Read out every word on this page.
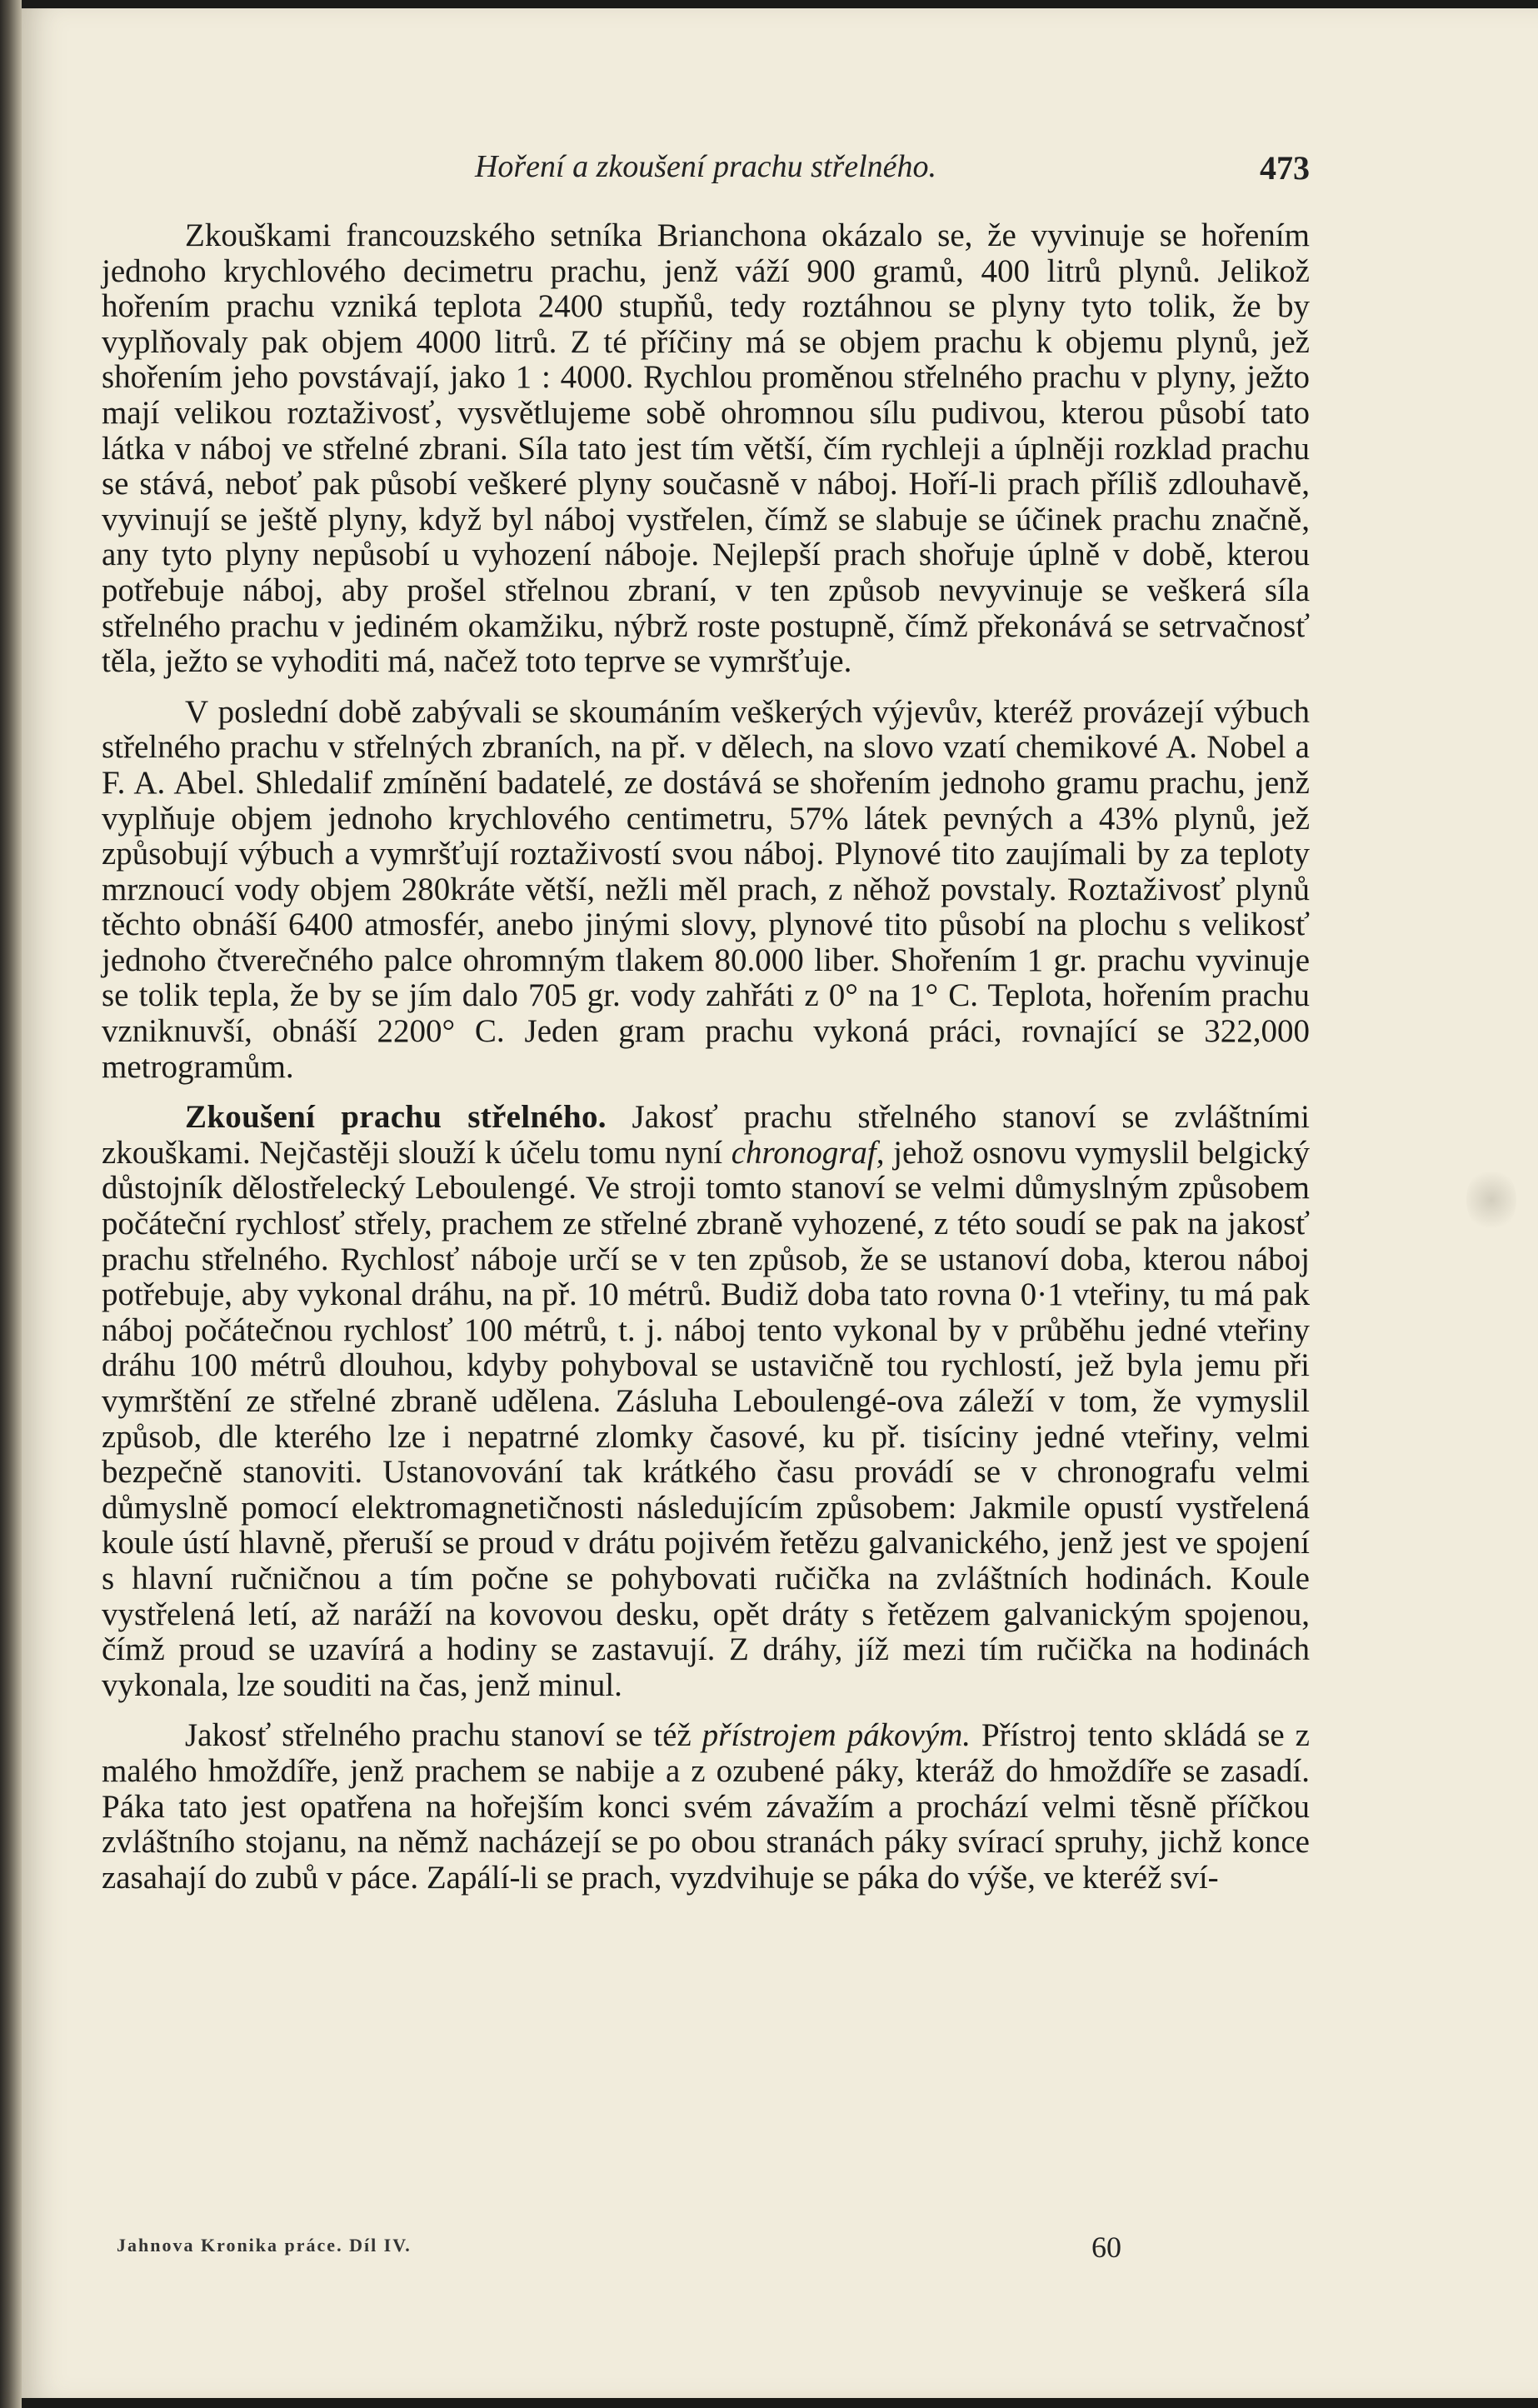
Hoření a zkoušení prachu střelného.	473

Zkouškami francouzského setníka Brianchona okázalo se, že vyvinuje se hořením jednoho krychlového decimetru prachu, jenž váží 900 gramů, 400 litrů plynů. Jelikož hořením prachu vzniká teplota 2400 stupňů, tedy roztáhnou se plyny tyto tolik, že by vyplňovaly pak objem 4000 litrů. Z té příčiny má se objem prachu k objemu plynů, jež shořením jeho povstávají, jako 1 : 4000. Rychlou proměnou střelného prachu v plyny, ježto mají velikou roztaživosť, vysvětlujeme sobě ohromnou sílu pudivou, kterou působí tato látka v náboj ve střelné zbrani. Síla tato jest tím větší, čím rychleji a úplněji rozklad prachu se stává, neboť pak působí veškeré plyny současně v náboj. Hoří-li prach příliš zdlouhavě, vyvinují se ještě plyny, když byl náboj vystřelen, čímž se slabuje se účinek prachu značně, any tyto plyny nepůsobí u vyhození náboje. Nejlepší prach shořuje úplně v době, kterou potřebuje náboj, aby prošel střelnou zbraní, v ten způsob nevyvinuje se veškerá síla střelného prachu v jediném okamžiku, nýbrž roste postupně, čímž překonává se setrvačnosť těla, ježto se vyhoditi má, načež toto teprve se vymršťuje.

V poslední době zabývali se skoumáním veškerých výjevův, kteréž provázejí výbuch střelného prachu v střelných zbraních, na př. v dělech, na slovo vzatí chemikové A. Nobel a F. A. Abel. Shledalif zmínění badatelé, ze dostává se shořením jednoho gramu prachu, jenž vyplňuje objem jednoho krychlového centimetru, 57% látek pevných a 43% plynů, jež způsobují výbuch a vymršťují roztaživostí svou náboj. Plynové tito zaujímali by za teploty mrznoucí vody objem 280kráte větší, nežli měl prach, z něhož povstaly. Roztaživosť plynů těchto obnáší 6400 atmosfér, anebo jinými slovy, plynové tito působí na plochu s velikosť jednoho čtverečného palce ohromným tlakem 80.000 liber. Shořením 1 gr. prachu vyvinuje se tolik tepla, že by se jím dalo 705 gr. vody zahřáti z 0° na 1° C. Teplota, hořením prachu vzniknuvší, obnáší 2200° C. Jeden gram prachu vykoná práci, rovnající se 322,000 metrogramům.

Zkoušení prachu střelného. Jakosť prachu střelného stanoví se zvláštními zkouškami. Nejčastěji slouží k účelu tomu nyní chronograf, jehož osnovu vymyslil belgický důstojník dělostřelecký Leboulengé. Ve stroji tomto stanoví se velmi důmyslným způsobem počáteční rychlosť střely, prachem ze střelné zbraně vyhozené, z této soudí se pak na jakosť prachu střelného. Rychlosť náboje určí se v ten způsob, že se ustanoví doba, kterou náboj potřebuje, aby vykonal dráhu, na př. 10 métrů. Budiž doba tato rovna 0·1 vteřiny, tu má pak náboj počátečnou rychlosť 100 métrů, t. j. náboj tento vykonal by v průběhu jedné vteřiny dráhu 100 métrů dlouhou, kdyby pohyboval se ustavičně tou rychlostí, jež byla jemu při vymrštění ze střelné zbraně udělena. Zásluha Leboulengé-ova záleží v tom, že vymyslil způsob, dle kterého lze i nepatrné zlomky časové, ku př. tisíciny jedné vteřiny, velmi bezpečně stanoviti. Ustanovování tak krátkého času provádí se v chronografu velmi důmyslně pomocí elektromagnetičnosti následujícím způsobem: Jakmile opustí vystřelená koule ústí hlavně, přeruší se proud v drátu pojivém řetězu galvanického, jenž jest ve spojení s hlavní ručničnou a tím počne se pohybovati ručička na zvláštních hodinách. Koule vystřelená letí, až naráží na kovovou desku, opět dráty s řetězem galvanickým spojenou, čímž proud se uzavírá a hodiny se zastavují. Z dráhy, jíž mezi tím ručička na hodinách vykonala, lze souditi na čas, jenž minul.

Jakosť střelného prachu stanoví se též přístrojem pákovým. Přístroj tento skládá se z malého hmoždíře, jenž prachem se nabije a z ozubené páky, kteráž do hmoždíře se zasadí. Páka tato jest opatřena na hořejším konci svém závažím a prochází velmi těsně příčkou zvláštního stojanu, na němž nacházejí se po obou stranách páky svírací spruhy, jichž konce zasahají do zubů v páce. Zapálí-li se prach, vyzdvihuje se páka do výše, ve kteréž sví-

Jahnova Kronika práce. Díl IV.	60
